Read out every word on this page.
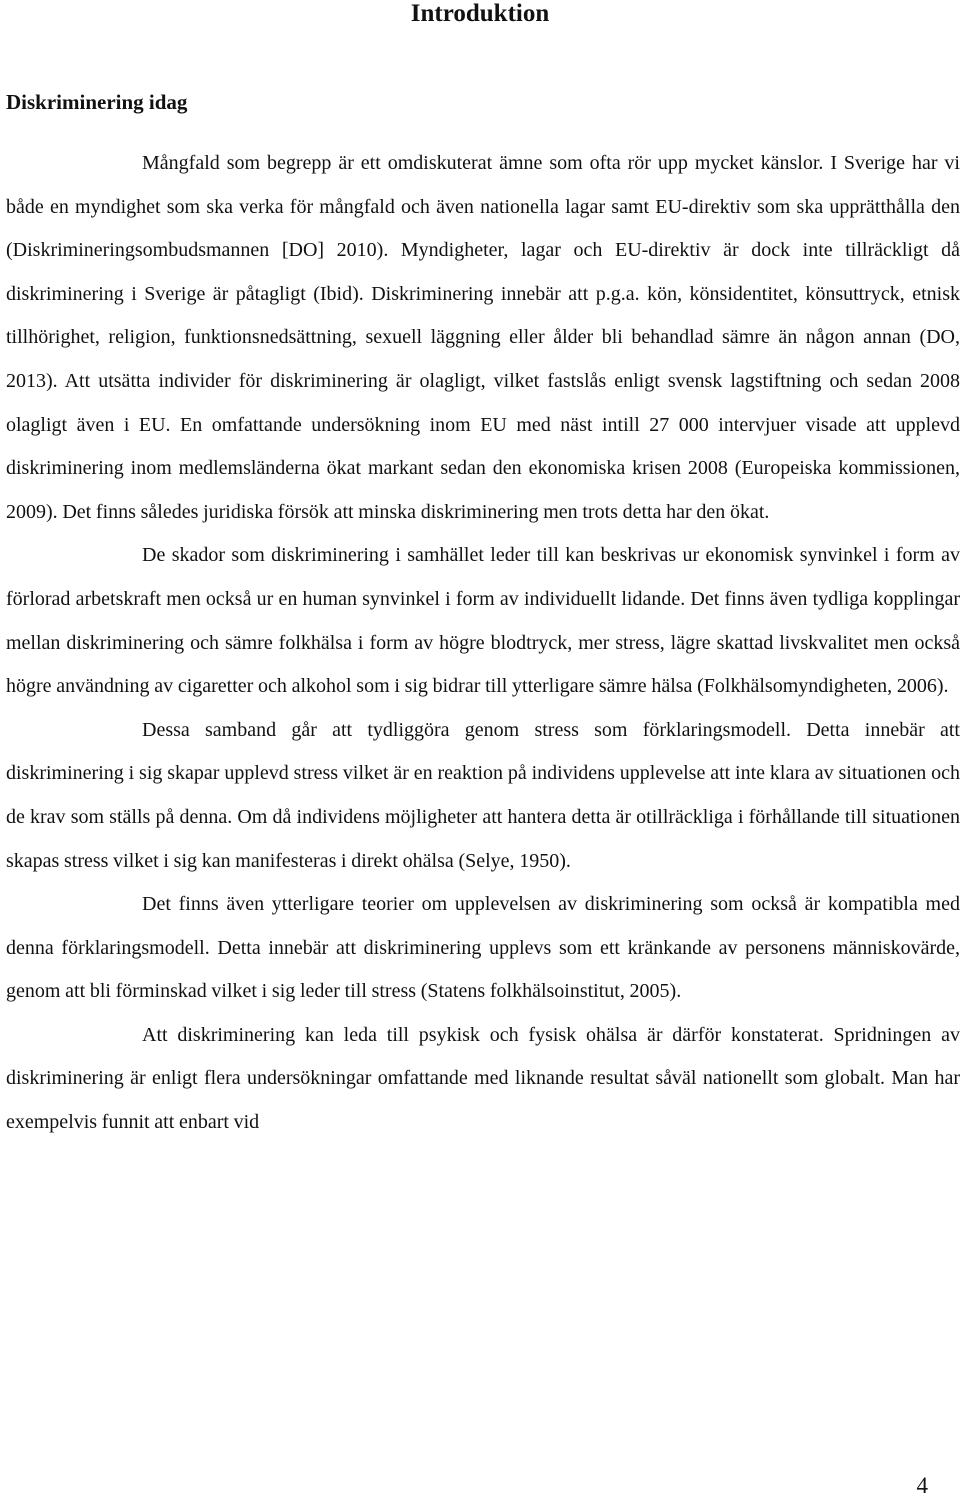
Introduktion
Diskriminering idag

Mångfald som begrepp är ett omdiskuterat ämne som ofta rör upp mycket känslor. I Sverige har vi både en myndighet som ska verka för mångfald och även nationella lagar samt EU-direktiv som ska upprätthålla den (Diskrimineringsombudsmannen [DO] 2010). Myndigheter, lagar och EU-direktiv är dock inte tillräckligt då diskriminering i Sverige är påtagligt (Ibid). Diskriminering innebär att p.g.a. kön, könsidentitet, könsuttryck, etnisk tillhörighet, religion, funktionsnedsättning, sexuell läggning eller ålder bli behandlad sämre än någon annan (DO, 2013). Att utsätta individer för diskriminering är olagligt, vilket fastslås enligt svensk lagstiftning och sedan 2008 olagligt även i EU. En omfattande undersökning inom EU med näst intill 27 000 intervjuer visade att upplevd diskriminering inom medlemsländerna ökat markant sedan den ekonomiska krisen 2008 (Europeiska kommissionen, 2009). Det finns således juridiska försök att minska diskriminering men trots detta har den ökat.

De skador som diskriminering i samhället leder till kan beskrivas ur ekonomisk synvinkel i form av förlorad arbetskraft men också ur en human synvinkel i form av individuellt lidande. Det finns även tydliga kopplingar mellan diskriminering och sämre folkhälsa i form av högre blodtryck, mer stress, lägre skattad livskvalitet men också högre användning av cigaretter och alkohol som i sig bidrar till ytterligare sämre hälsa (Folkhälsomyndigheten, 2006).

Dessa samband går att tydliggöra genom stress som förklaringsmodell. Detta innebär att diskriminering i sig skapar upplevd stress vilket är en reaktion på individens upplevelse att inte klara av situationen och de krav som ställs på denna. Om då individens möjligheter att hantera detta är otillräckliga i förhållande till situationen skapas stress vilket i sig kan manifesteras i direkt ohälsa (Selye, 1950).

Det finns även ytterligare teorier om upplevelsen av diskriminering som också är kompatibla med denna förklaringsmodell. Detta innebär att diskriminering upplevs som ett kränkande av personens människovärde, genom att bli förminskad vilket i sig leder till stress (Statens folkhälsoinstitut, 2005).

Att diskriminering kan leda till psykisk och fysisk ohälsa är därför konstaterat. Spridningen av diskriminering är enligt flera undersökningar omfattande med liknande resultat såväl nationellt som globalt. Man har exempelvis funnit att enbart vid

4
